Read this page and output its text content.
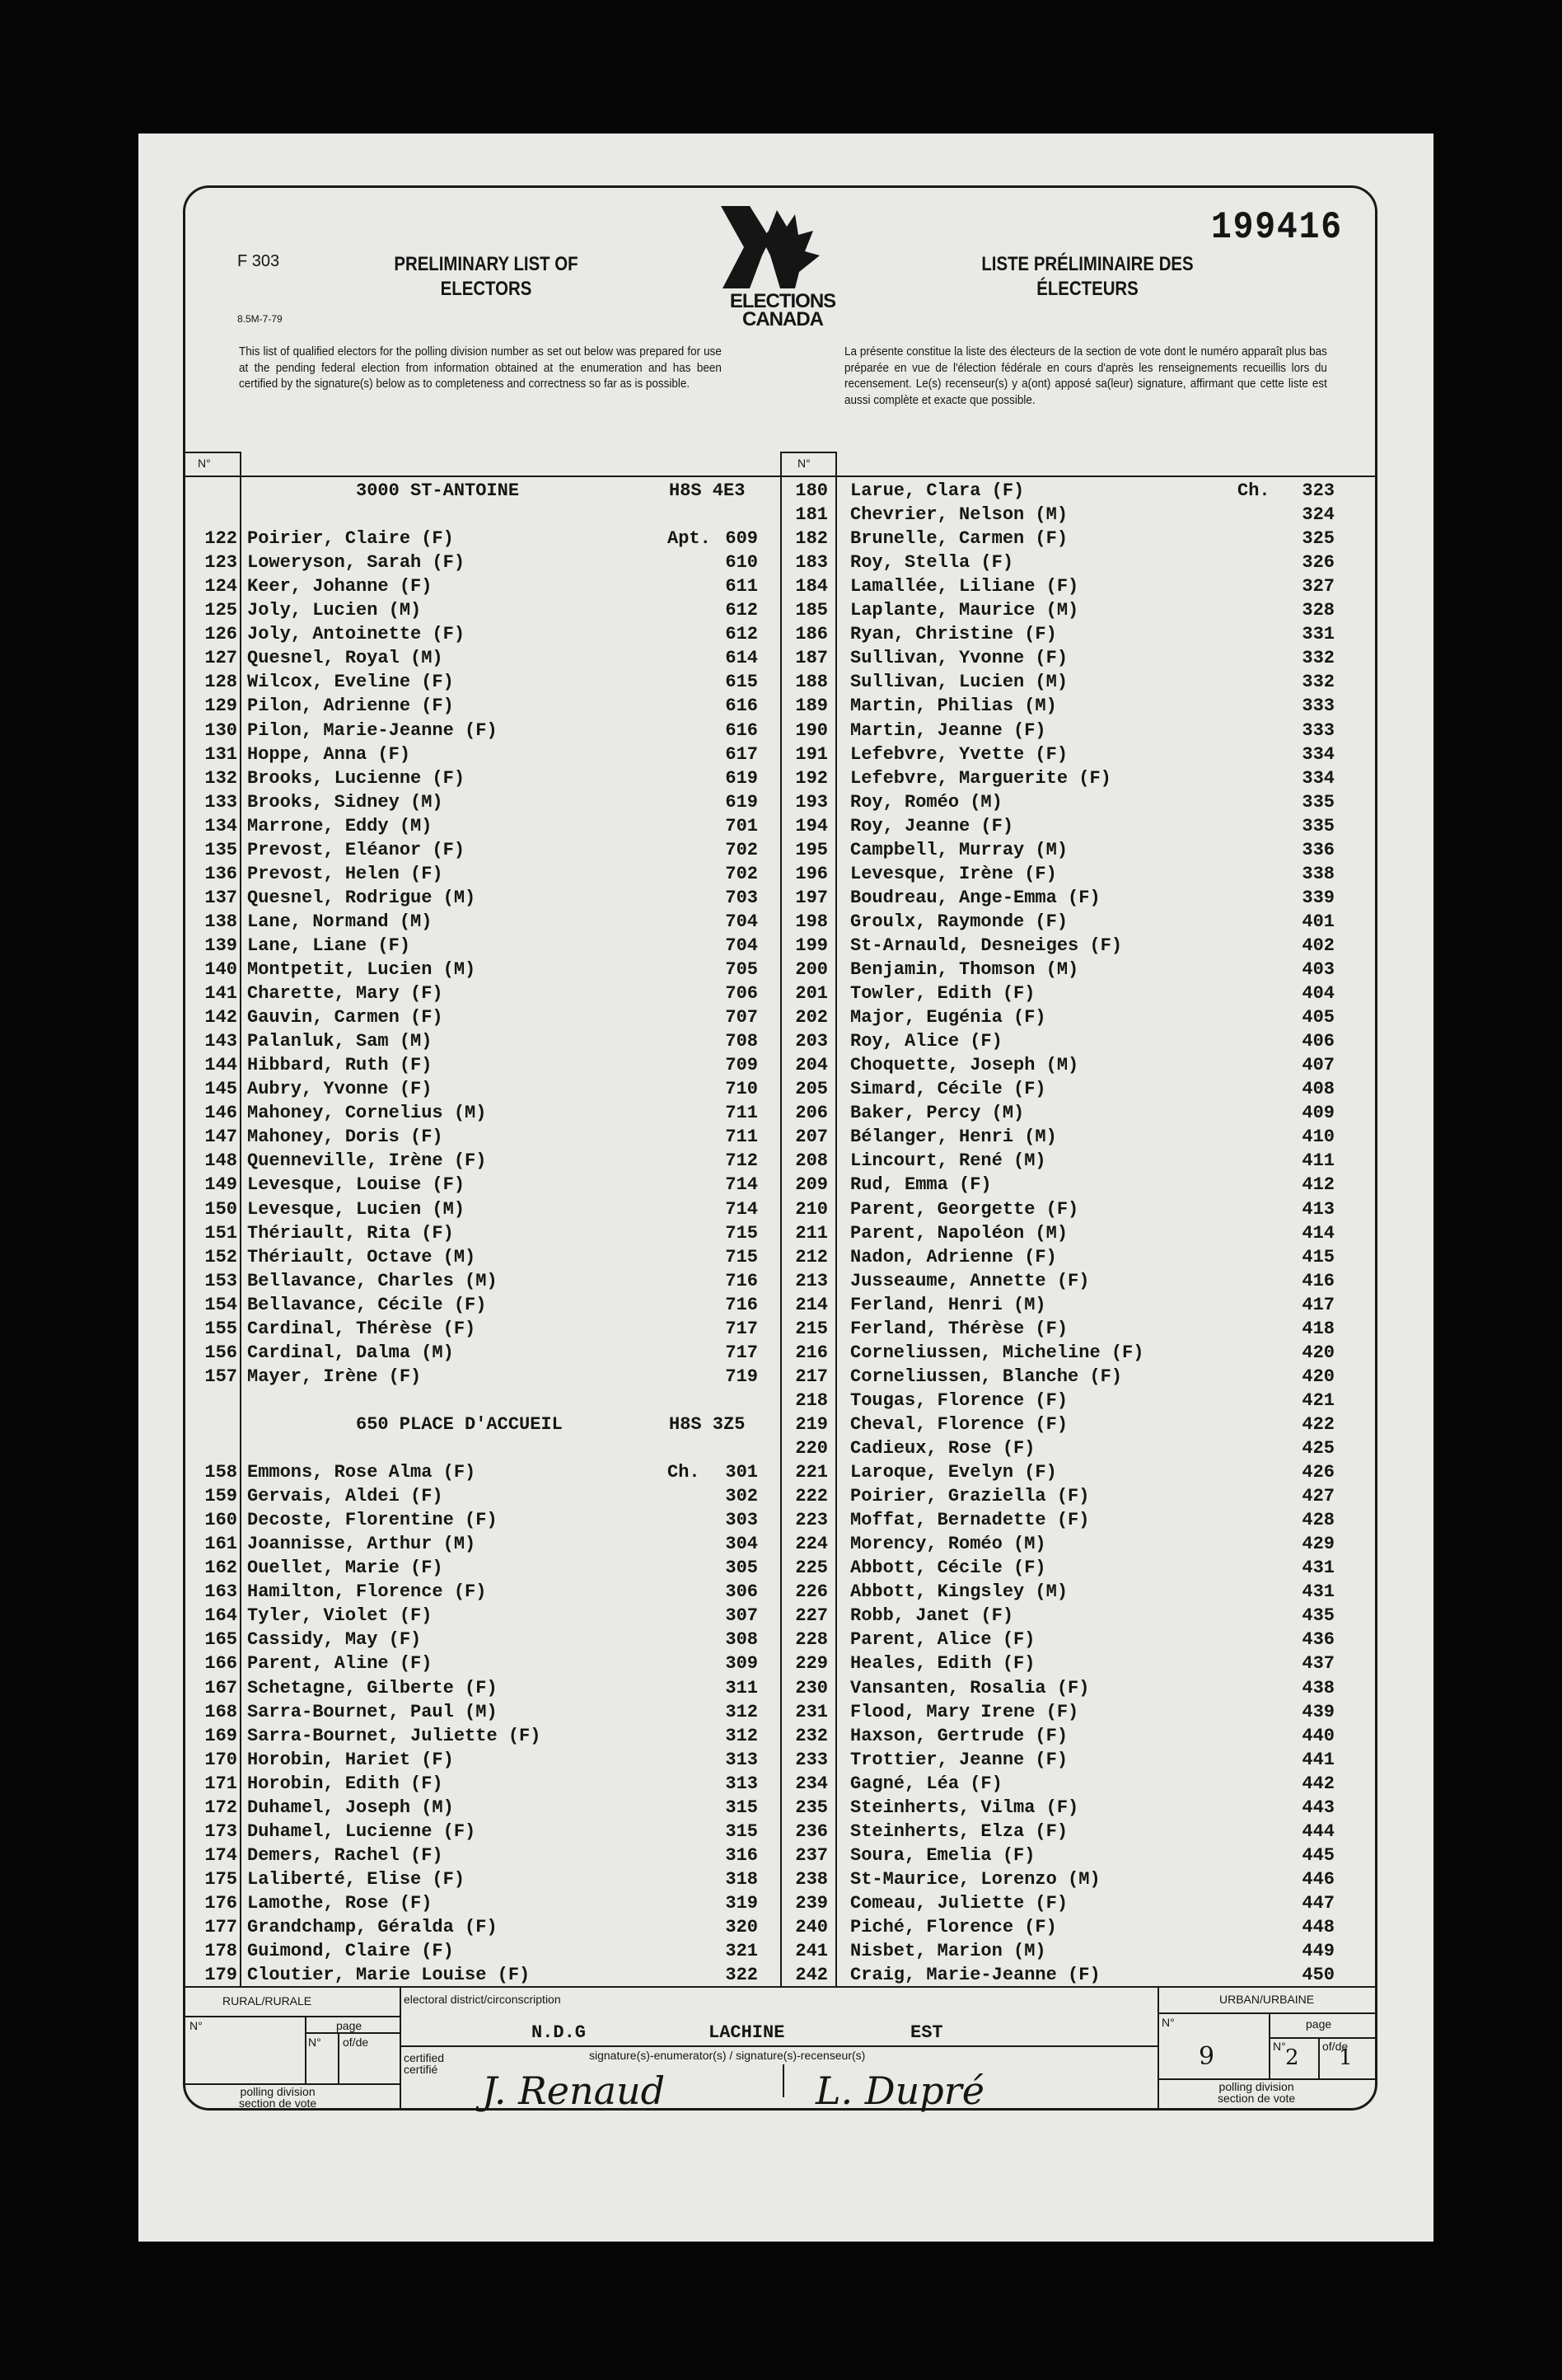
199416
F 303
8.5M-7-79
PRELIMINARY LIST OF
ELECTORS
LISTE PRÉLIMINAIRE DES
ÉLECTEURS
ELECTIONS
CANADA
This list of qualified electors for the polling division number as set out below was prepared for use at the pending federal election from information obtained at the enumeration and has been certified by the signature(s) below as to completeness and correctness so far as is possible.
La présente constitue la liste des électeurs de la section de vote dont le numéro apparaît plus bas préparée en vue de l'élection fédérale en cours d'après les renseignements recueillis lors du recensement. Le(s) recenseur(s) y a(ont) apposé sa(leur) signature, affirmant que cette liste est aussi complète et exacte que possible.
N°	N°
3000 ST-ANTOINE	H8S 4E3
122 Poirier, Claire (F)	Apt. 609
123 Loweryson, Sarah (F)	610
124 Keer, Johanne (F)	611
125 Joly, Lucien (M)	612
126 Joly, Antoinette (F)	612
127 Quesnel, Royal (M)	614
128 Wilcox, Eveline (F)	615
129 Pilon, Adrienne (F)	616
130 Pilon, Marie-Jeanne (F)	616
131 Hoppe, Anna (F)	617
132 Brooks, Lucienne (F)	619
133 Brooks, Sidney (M)	619
134 Marrone, Eddy (M)	701
135 Prevost, Eléanor (F)	702
136 Prevost, Helen (F)	702
137 Quesnel, Rodrigue (M)	703
138 Lane, Normand (M)	704
139 Lane, Liane (F)	704
140 Montpetit, Lucien (M)	705
141 Charette, Mary (F)	706
142 Gauvin, Carmen (F)	707
143 Palanluk, Sam (M)	708
144 Hibbard, Ruth (F)	709
145 Aubry, Yvonne (F)	710
146 Mahoney, Cornelius (M)	711
147 Mahoney, Doris (F)	711
148 Quenneville, Irène (F)	712
149 Levesque, Louise (F)	714
150 Levesque, Lucien (M)	714
151 Thériault, Rita (F)	715
152 Thériault, Octave (M)	715
153 Bellavance, Charles (M)	716
154 Bellavance, Cécile (F)	716
155 Cardinal, Thérèse (F)	717
156 Cardinal, Dalma (M)	717
157 Mayer, Irène (F)	719
650 PLACE D'ACCUEIL	H8S 3Z5
158 Emmons, Rose Alma (F)	Ch.	301
159 Gervais, Aldei (F)	302
160 Decoste, Florentine (F)	303
161 Joannisse, Arthur (M)	304
162 Ouellet, Marie (F)	305
163 Hamilton, Florence (F)	306
164 Tyler, Violet (F)	307
165 Cassidy, May (F)	308
166 Parent, Aline (F)	309
167 Schetagne, Gilberte (F)	311
168 Sarra-Bournet, Paul (M)	312
169 Sarra-Bournet, Juliette (F)	312
170 Horobin, Hariet (F)	313
171 Horobin, Edith (F)	313
172 Duhamel, Joseph (M)	315
173 Duhamel, Lucienne (F)	315
174 Demers, Rachel (F)	316
175 Laliberté, Elise (F)	318
176 Lamothe, Rose (F)	319
177 Grandchamp, Géralda (F)	320
178 Guimond, Claire (F)	321
179 Cloutier, Marie Louise (F)	322
180 Larue, Clara (F)	Ch.	323
181 Chevrier, Nelson (M)	324
182 Brunelle, Carmen (F)	325
183 Roy, Stella (F)	326
184 Lamallée, Liliane (F)	327
185 Laplante, Maurice (M)	328
186 Ryan, Christine (F)	331
187 Sullivan, Yvonne (F)	332
188 Sullivan, Lucien (M)	332
189 Martin, Philias (M)	333
190 Martin, Jeanne (F)	333
191 Lefebvre, Yvette (F)	334
192 Lefebvre, Marguerite (F)	334
193 Roy, Roméo (M)	335
194 Roy, Jeanne (F)	335
195 Campbell, Murray (M)	336
196 Levesque, Irène (F)	338
197 Boudreau, Ange-Emma (F)	339
198 Groulx, Raymonde (F)	401
199 St-Arnauld, Desneiges (F)	402
200 Benjamin, Thomson (M)	403
201 Towler, Edith (F)	404
202 Major, Eugénia (F)	405
203 Roy, Alice (F)	406
204 Choquette, Joseph (M)	407
205 Simard, Cécile (F)	408
206 Baker, Percy (M)	409
207 Bélanger, Henri (M)	410
208 Lincourt, René (M)	411
209 Rud, Emma (F)	412
210 Parent, Georgette (F)	413
211 Parent, Napoléon (M)	414
212 Nadon, Adrienne (F)	415
213 Jusseaume, Annette (F)	416
214 Ferland, Henri (M)	417
215 Ferland, Thérèse (F)	418
216 Corneliussen, Micheline (F)	420
217 Corneliussen, Blanche (F)	420
218 Tougas, Florence (F)	421
219 Cheval, Florence (F)	422
220 Cadieux, Rose (F)	425
221 Laroque, Evelyn (F)	426
222 Poirier, Graziella (F)	427
223 Moffat, Bernadette (F)	428
224 Morency, Roméo (M)	429
225 Abbott, Cécile (F)	431
226 Abbott, Kingsley (M)	431
227 Robb, Janet (F)	435
228 Parent, Alice (F)	436
229 Heales, Edith (F)	437
230 Vansanten, Rosalia (F)	438
231 Flood, Mary Irene (F)	439
232 Haxson, Gertrude (F)	440
233 Trottier, Jeanne (F)	441
234 Gagné, Léa (F)	442
235 Steinherts, Vilma (F)	443
236 Steinherts, Elza (F)	444
237 Soura, Emelia (F)	445
238 St-Maurice, Lorenzo (M)	446
239 Comeau, Juliette (F)	447
240 Piché, Florence (F)	448
241 Nisbet, Marion (M)	449
242 Craig, Marie-Jeanne (F)	450
RURAL/RURALE
N°	page
N° of/de
polling division
section de vote
electoral district/circonscription
N.D.G	LACHINE	EST
certified
certifié
signature(s)-enumerator(s) / signature(s)-recenseur(s)
J. Renaud	L. Dupré
URBAN/URBAINE
N°	page
N°	of/de
9	2 1
polling division
section de vote
